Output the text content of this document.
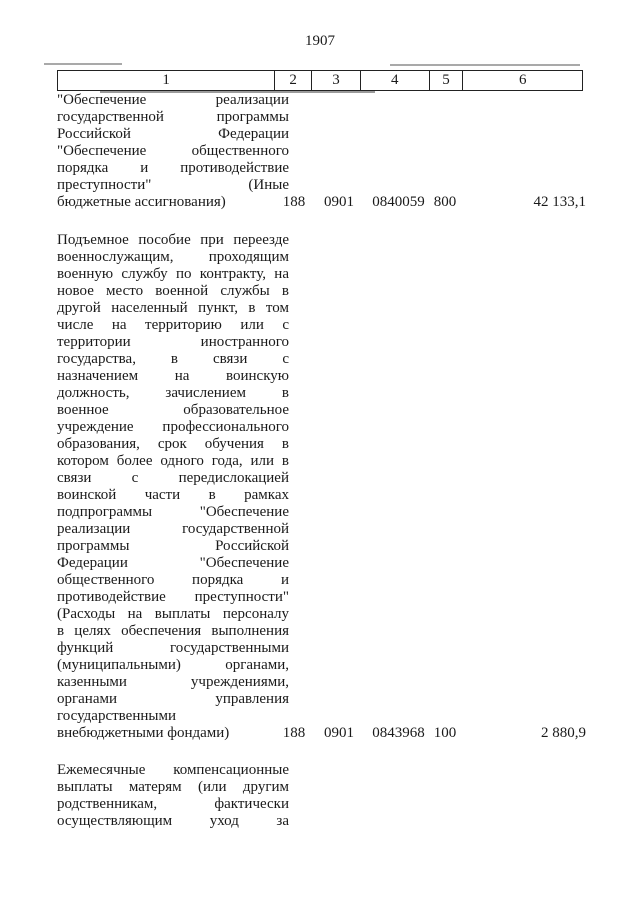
1907
1	2	3	4	5	6
"Обеспечение реализации
государственной программы
Российской Федерации
"Обеспечение общественного
порядка и противодействие
преступности" (Иные
бюджетные ассигнования)	188	0901	0840059 800	42 133,1
Подъемное пособие при переезде
военнослужащим, проходящим
военную службу по контракту, на
новое место военной службы в
другой населенный пункт, в том
числе на территорию или с
территории иностранного
государства, в связи с
назначением на воинскую
должность, зачислением в
военное образовательное
учреждение профессионального
образования, срок обучения в
котором более одного года, или в
связи с передислокацией
воинской части в рамках
подпрограммы "Обеспечение
реализации государственной
программы Российской
Федерации "Обеспечение
общественного порядка и
противодействие преступности"
(Расходы на выплаты персоналу
в целях обеспечения выполнения
функций государственными
(муниципальными) органами,
казенными учреждениями,
органами управления
государственными
внебюджетными фондами)	188	0901	0843968 100	2 880,9
Ежемесячные компенсационные
выплаты матерям (или другим
родственникам, фактически
осуществляющим уход за
